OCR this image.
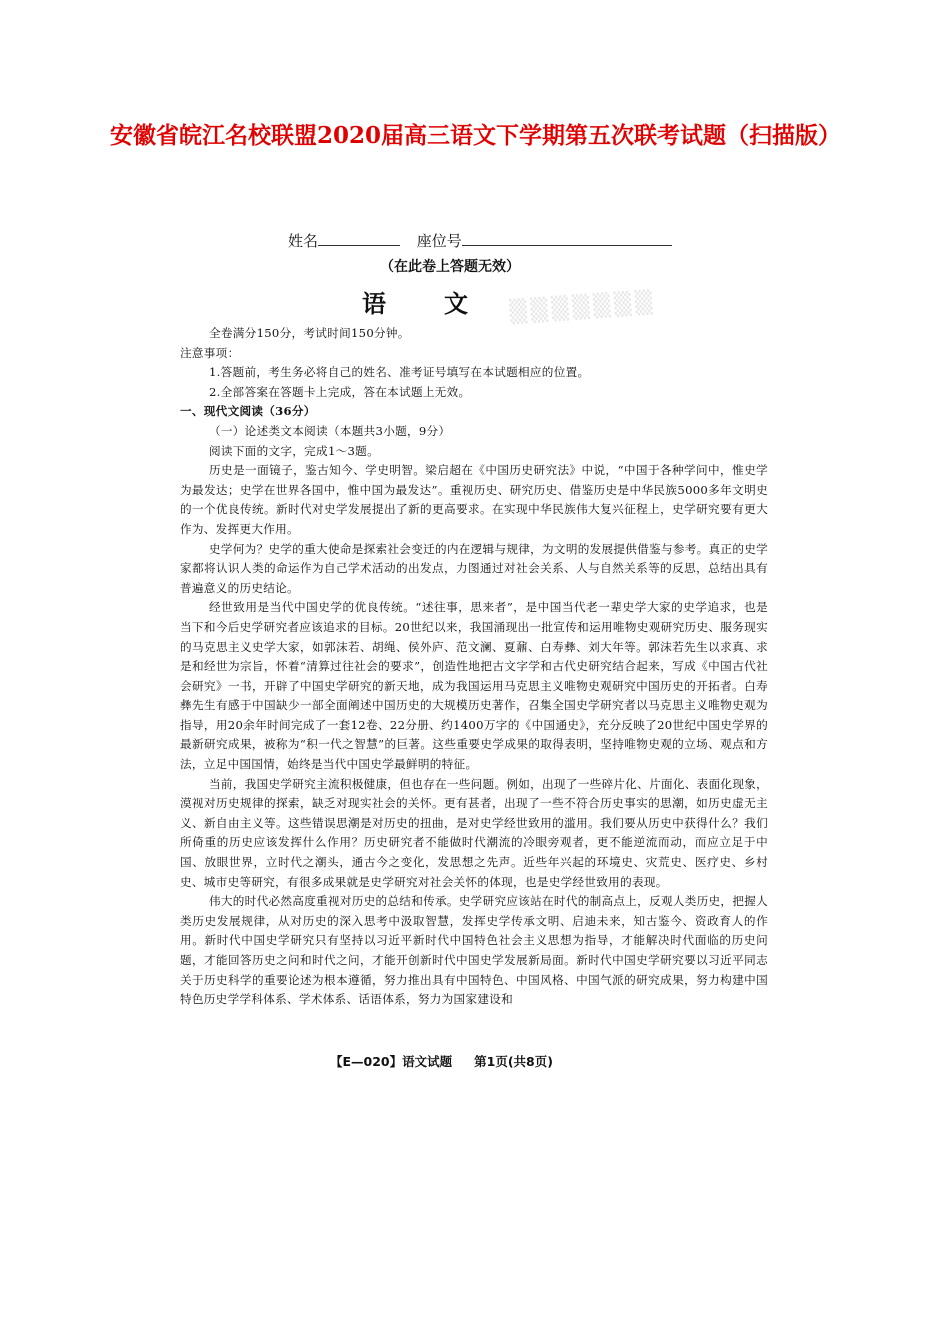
安徽省皖江名校联盟2020届高三语文下学期第五次联考试题（扫描版）
姓名	座位号
（在此卷上答题无效）
语文
▒▒▒▒▒▒▒

全卷满分150分，考试时间150分钟。

注意事项：

1.答题前，考生务必将自己的姓名、准考证号填写在本试题相应的位置。

2.全部答案在答题卡上完成，答在本试题上无效。

一、现代文阅读（36分）

（一）论述类文本阅读（本题共3小题，9分）

阅读下面的文字，完成1～3题。

历史是一面镜子，鉴古知今、学史明智。梁启超在《中国历史研究法》中说，“中国于各种学问中，惟史学为最发达；史学在世界各国中，惟中国为最发达”。重视历史、研究历史、借鉴历史是中华民族5000多年文明史的一个优良传统。新时代对史学发展提出了新的更高要求。在实现中华民族伟大复兴征程上，史学研究要有更大作为、发挥更大作用。

史学何为？史学的重大使命是探索社会变迁的内在逻辑与规律，为文明的发展提供借鉴与参考。真正的史学家都将认识人类的命运作为自己学术活动的出发点，力图通过对社会关系、人与自然关系等的反思，总结出具有普遍意义的历史结论。

经世致用是当代中国史学的优良传统。“述往事，思来者”，是中国当代老一辈史学大家的史学追求，也是当下和今后史学研究者应该追求的目标。20世纪以来，我国涌现出一批宣传和运用唯物史观研究历史、服务现实的马克思主义史学大家，如郭沫若、胡绳、侯外庐、范文澜、夏鼐、白寿彝、刘大年等。郭沫若先生以求真、求是和经世为宗旨，怀着“清算过往社会的要求”，创造性地把古文字学和古代史研究结合起来，写成《中国古代社会研究》一书，开辟了中国史学研究的新天地，成为我国运用马克思主义唯物史观研究中国历史的开拓者。白寿彝先生有感于中国缺少一部全面阐述中国历史的大规模历史著作，召集全国史学研究者以马克思主义唯物史观为指导，用20余年时间完成了一套12卷、22分册、约1400万字的《中国通史》，充分反映了20世纪中国史学界的最新研究成果，被称为“积一代之智慧”的巨著。这些重要史学成果的取得表明，坚持唯物史观的立场、观点和方法，立足中国国情，始终是当代中国史学最鲜明的特征。

当前，我国史学研究主流积极健康，但也存在一些问题。例如，出现了一些碎片化、片面化、表面化现象，漠视对历史规律的探索，缺乏对现实社会的关怀。更有甚者，出现了一些不符合历史事实的思潮，如历史虚无主义、新自由主义等。这些错误思潮是对历史的扭曲，是对史学经世致用的滥用。我们要从历史中获得什么？我们所倚重的历史应该发挥什么作用？历史研究者不能做时代潮流的冷眼旁观者，更不能逆流而动，而应立足于中国、放眼世界，立时代之潮头，通古今之变化，发思想之先声。近些年兴起的环境史、灾荒史、医疗史、乡村史、城市史等研究，有很多成果就是史学研究对社会关怀的体现，也是史学经世致用的表现。

伟大的时代必然高度重视对历史的总结和传承。史学研究应该站在时代的制高点上，反观人类历史，把握人类历史发展规律，从对历史的深入思考中汲取智慧，发挥史学传承文明、启迪未来，知古鉴今、资政育人的作用。新时代中国史学研究只有坚持以习近平新时代中国特色社会主义思想为指导，才能解决时代面临的历史问题，才能回答历史之问和时代之问，才能开创新时代中国史学发展新局面。新时代中国史学研究要以习近平同志关于历史科学的重要论述为根本遵循，努力推出具有中国特色、中国风格、中国气派的研究成果，努力构建中国特色历史学学科体系、学术体系、话语体系，努力为国家建设和

【E—020】语文试题 第1页(共8页)
